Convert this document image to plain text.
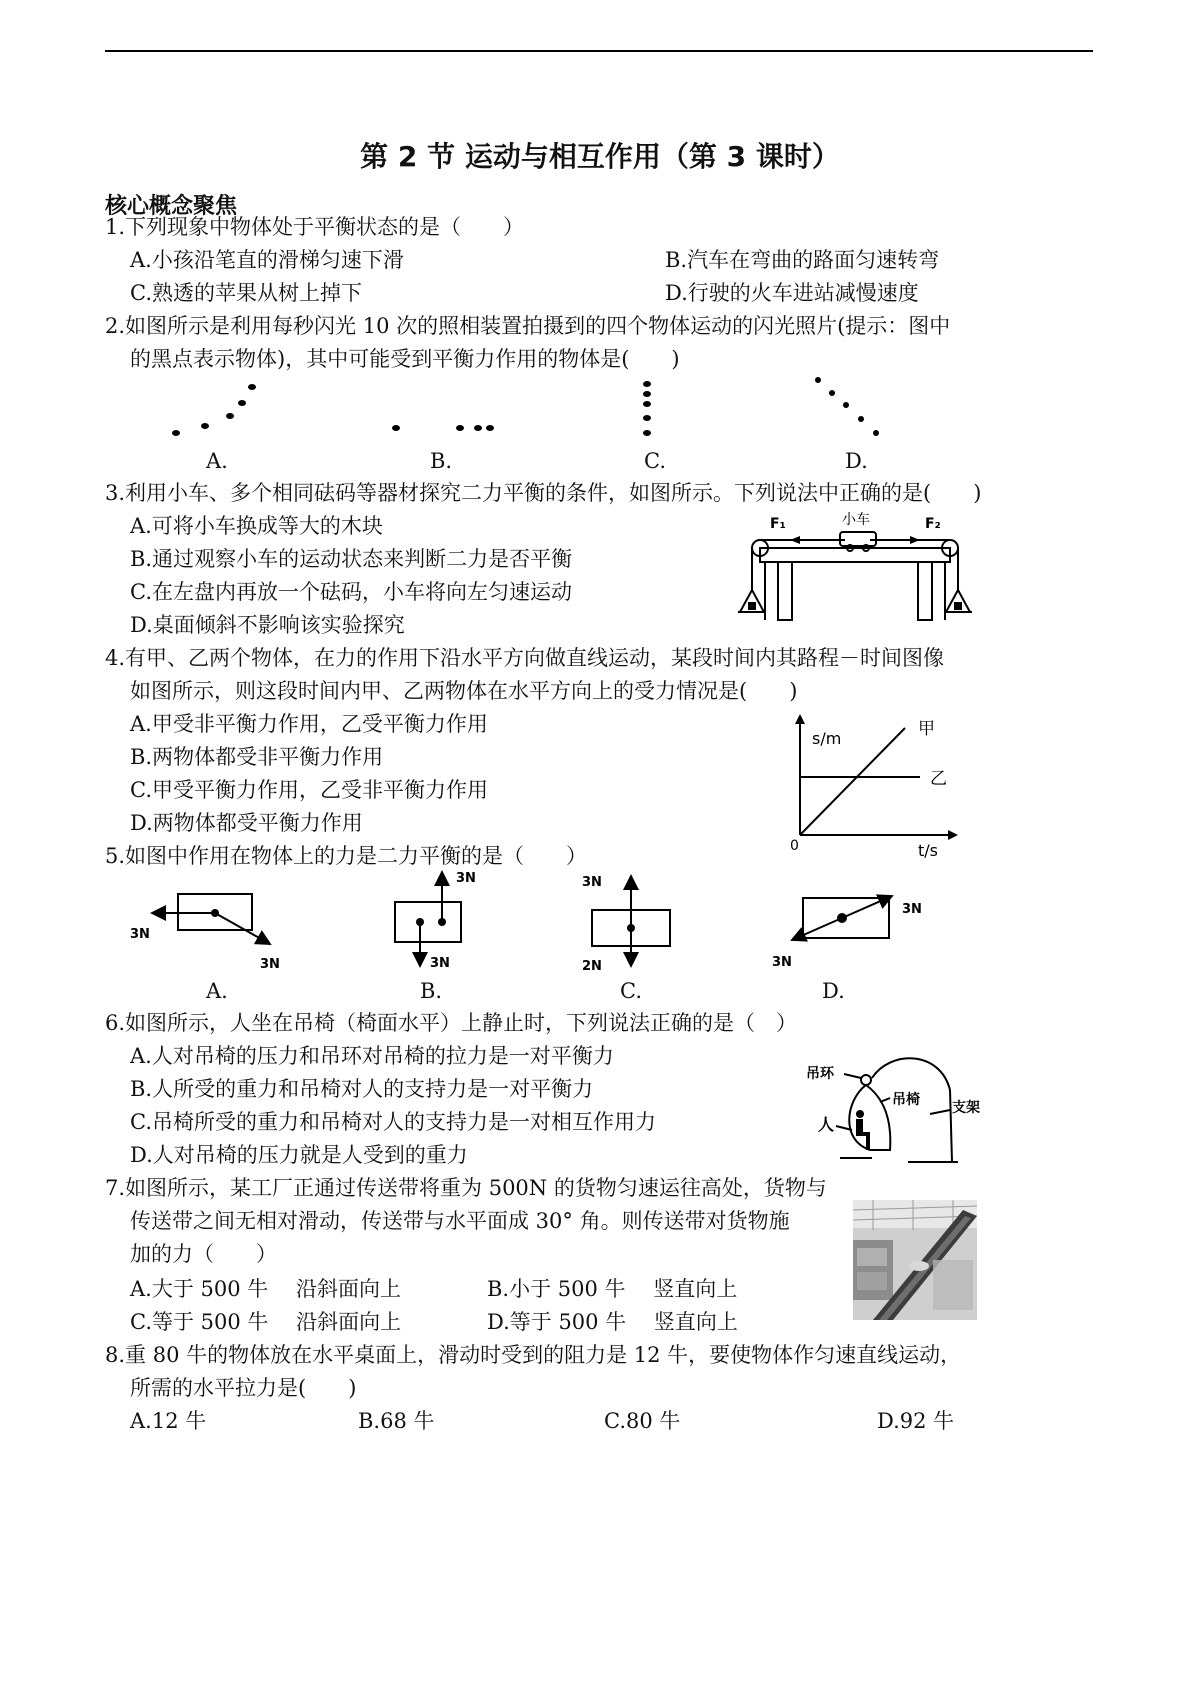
第 2 节 运动与相互作用（第 3 课时）
核心概念聚焦
1.下列现象中物体处于平衡状态的是（　　）
A.小孩沿笔直的滑梯匀速下滑	B.汽车在弯曲的路面匀速转弯
C.熟透的苹果从树上掉下	D.行驶的火车进站减慢速度
2.如图所示是利用每秒闪光 10 次的照相装置拍摄到的四个物体运动的闪光照片(提示：图中
的黑点表示物体)，其中可能受到平衡力作用的物体是(　　)
A.	B.	C.	D.
3.利用小车、多个相同砝码等器材探究二力平衡的条件，如图所示。下列说法中正确的是(　　)
A.可将小车换成等大的木块
B.通过观察小车的运动状态来判断二力是否平衡
C.在左盘内再放一个砝码，小车将向左匀速运动
D.桌面倾斜不影响该实验探究
F₁	F₂
小车
4.有甲、乙两个物体，在力的作用下沿水平方向做直线运动，某段时间内其路程－时间图像
如图所示，则这段时间内甲、乙两物体在水平方向上的受力情况是(　　)
A.甲受非平衡力作用，乙受平衡力作用
B.两物体都受非平衡力作用
C.甲受平衡力作用，乙受非平衡力作用
D.两物体都受平衡力作用
s/m
t/s
0
甲
乙
5.如图中作用在物体上的力是二力平衡的是（　　）
3N
3N
3N
3N
3N
2N
3N
3N
A.	B.	C.	D.
6.如图所示，人坐在吊椅（椅面水平）上静止时，下列说法正确的是（　）
A.人对吊椅的压力和吊环对吊椅的拉力是一对平衡力
B.人所受的重力和吊椅对人的支持力是一对平衡力
C.吊椅所受的重力和吊椅对人的支持力是一对相互作用力
D.人对吊椅的压力就是人受到的重力
吊环
吊椅 支架
人
7.如图所示，某工厂正通过传送带将重为 500N 的货物匀速运往高处，货物与
传送带之间无相对滑动，传送带与水平面成 30° 角。则传送带对货物施
加的力（　　）
A.大于 500 牛　 沿斜面向上	B.小于 500 牛　 竖直向上
C.等于 500 牛　 沿斜面向上	D.等于 500 牛　 竖直向上
8.重 80 牛的物体放在水平桌面上，滑动时受到的阻力是 12 牛，要使物体作匀速直线运动，
所需的水平拉力是(　　)
A.12 牛	B.68 牛	C.80 牛	D.92 牛
